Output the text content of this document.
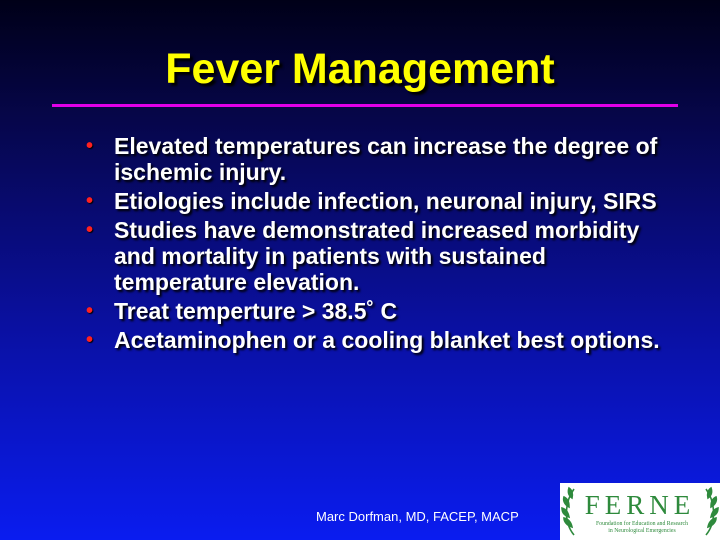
Fever Management
• Elevated temperatures can increase the degree of ischemic injury.
• Etiologies include infection, neuronal injury, SIRS
• Studies have demonstrated increased morbidity and mortality in patients with sustained temperature elevation.
• Treat temperture > 38.5˚ C
• Acetaminophen or a cooling blanket best options.
Marc Dorfman, MD, FACEP, MACP FERNE
Foundation for Education and Research
in Neurological Emergencies
